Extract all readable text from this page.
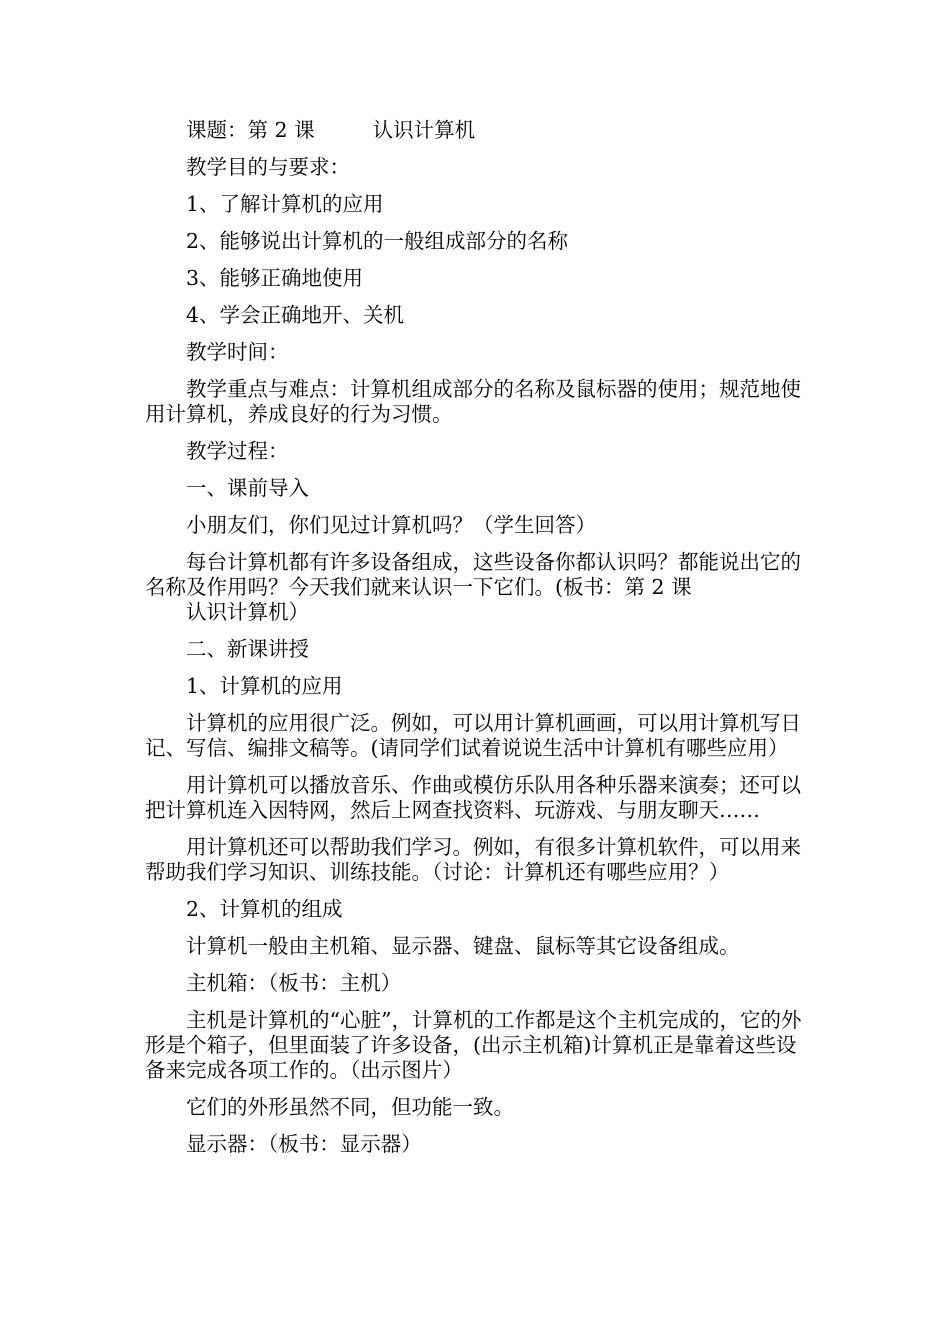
课题：第 2 课	认识计算机

教学目的与要求：

1、了解计算机的应用

2、能够说出计算机的一般组成部分的名称

3、能够正确地使用

4、学会正确地开、关机

教学时间：

教学重点与难点：计算机组成部分的名称及鼠标器的使用；规范地使用计算机，养成良好的行为习惯。

教学过程：

一、课前导入

小朋友们，你们见过计算机吗？（学生回答）

每台计算机都有许多设备组成，这些设备你都认识吗？都能说出它的名称及作用吗？今天我们就来认识一下它们。(板书：第 2 课
认识计算机）

二、新课讲授

1、计算机的应用

计算机的应用很广泛。例如，可以用计算机画画，可以用计算机写日记、写信、编排文稿等。(请同学们试着说说生活中计算机有哪些应用）

用计算机可以播放音乐、作曲或模仿乐队用各种乐器来演奏；还可以把计算机连入因特网，然后上网查找资料、玩游戏、与朋友聊天……

用计算机还可以帮助我们学习。例如，有很多计算机软件，可以用来帮助我们学习知识、训练技能。（讨论：计算机还有哪些应用？）

2、计算机的组成

计算机一般由主机箱、显示器、键盘、鼠标等其它设备组成。

主机箱：（板书：主机）

主机是计算机的“心脏”，计算机的工作都是这个主机完成的，它的外形是个箱子，但里面装了许多设备，(出示主机箱)计算机正是靠着这些设备来完成各项工作的。（出示图片）

它们的外形虽然不同，但功能一致。

显示器：（板书：显示器）
